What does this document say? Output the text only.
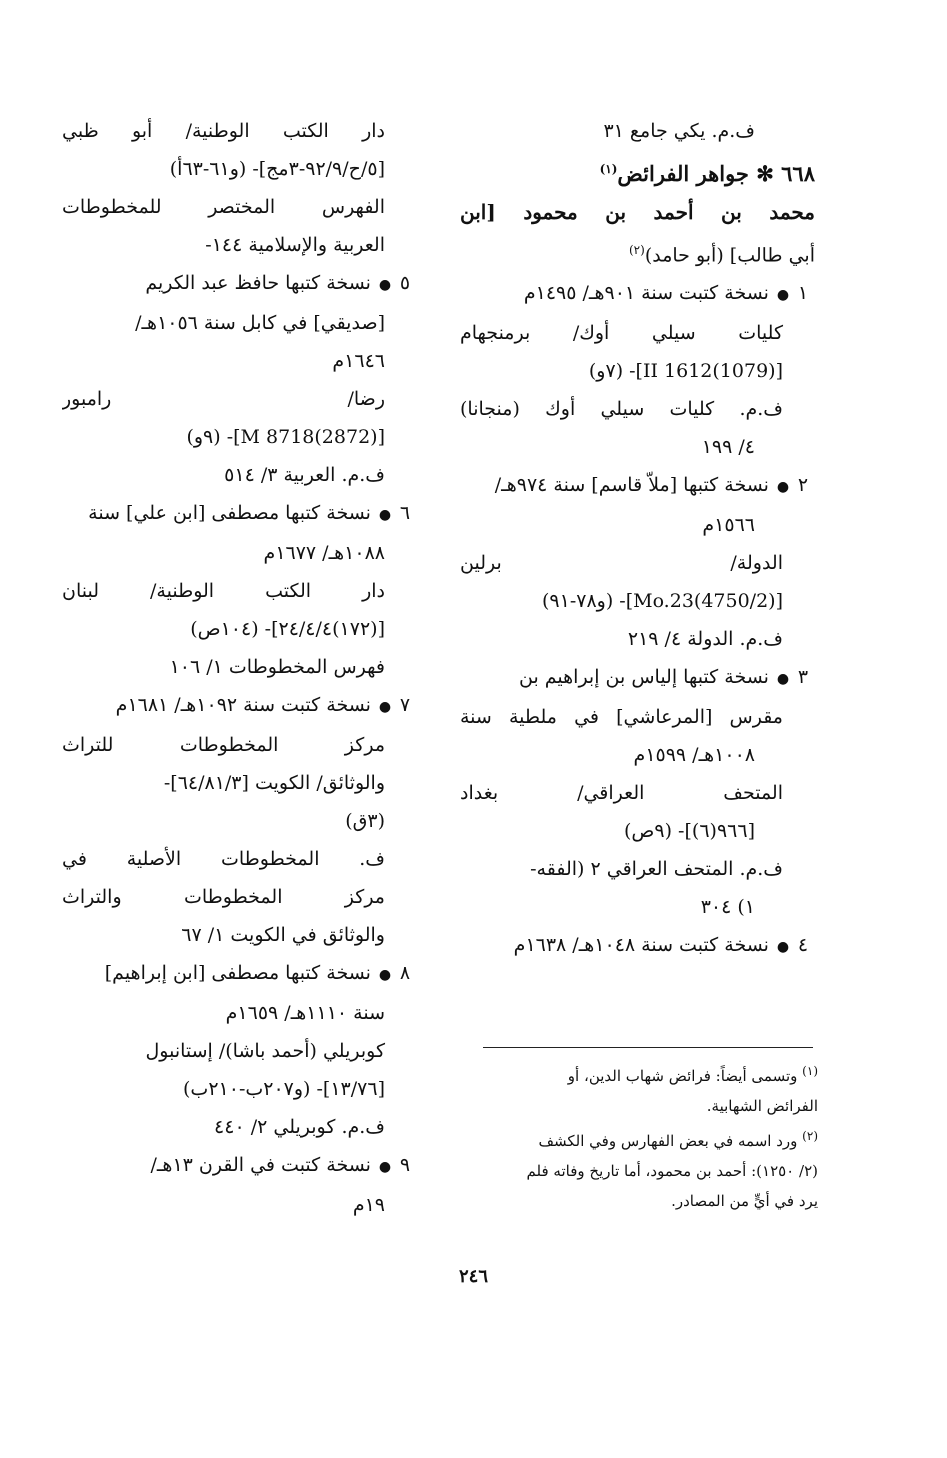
ف.م. يكي جامع ٣١
٦٦٨ ✻ جواهر الفرائض$^{(١)}$
محمد بن أحمد بن محمود [ابن
أبي طالب] (أبو حامد)$^{(٢)}$
١● نسخة كتبت سنة ٩٠١هـ/ ١٤٩٥م
كليات سيلي أوك/ برمنجهام
[II 1612(1079)]- (٧و)
ف.م. كليات سيلي أوك (منجانا)
٤/ ١٩٩
٢● نسخة كتبها [ملاّ قاسم] سنة ٩٧٤هـ/
١٥٦٦م
الدولة/ برلين
[Mo.23(4750/2)]- (و٧٨-٩١)
ف.م. الدولة ٤/ ٢١٩
٣● نسخة كتبها إلياس بن إبراهيم بن
مقرس [المرعاشي] في ملطية سنة
١٠٠٨هـ/ ١٥٩٩م
المتحف العراقي/ بغداد
[٩٦٦(٦)]- (٩ص)
ف.م. المتحف العراقي ٢ (الفقه-
١) ٣٠٤
٤● نسخة كتبت سنة ١٠٤٨هـ/ ١٦٣٨م
دار الكتب الوطنية/ أبو ظبي
[٥/ح/٩٢/٩-٣مج]- (و٦١-٦٣أ)
الفهرس المختصر للمخطوطات
العربية والإسلامية ١٤٤-
٥● نسخة كتبها حافظ عبد الكريم
[صديقي] في كابل سنة ١٠٥٦هـ/
١٦٤٦م
رضا/ رامبور
[M 8718(2872)]- (٩و)
ف.م. العربية ٣/ ٥١٤
٦● نسخة كتبها مصطفى [ابن علي] سنة
١٠٨٨هـ/ ١٦٧٧م
دار الكتب الوطنية/ لبنان
[(١٧٢)٢٤/٤/٤]- (١٠٤ص)
فهرس المخطوطات ١/ ١٠٦
٧● نسخة كتبت سنة ١٠٩٢هـ/ ١٦٨١م
مركز المخطوطات للتراث
والوثائق/ الكويت [٦٤/٨١/٣]-
(٣ق)
ف. المخطوطات الأصلية في
مركز المخطوطات والتراث
والوثائق في الكويت ١/ ٦٧
٨● نسخة كتبها مصطفى [ابن إبراهيم]
سنة ١١١٠هـ/ ١٦٥٩م
كوبريلي (أحمد باشا)/ إستانبول
[١٣/٧٦]- (و٢٠٧ب-٢١٠ب)
ف.م. كوبريلي ٢/ ٤٤٠
٩● نسخة كتبت في القرن ١٣هـ/
١٩م
$^{(١)}$ وتسمى أيضاً: فرائض شهاب الدين، أو
الفرائض الشهابية.
$^{(٢)}$ ورد اسمه في بعض الفهارس وفي الكشف
(٢/ ١٢٥٠): أحمد بن محمود، أما تاريخ وفاته فلم
يرد في أيٍّ من المصادر.
٢٤٦
